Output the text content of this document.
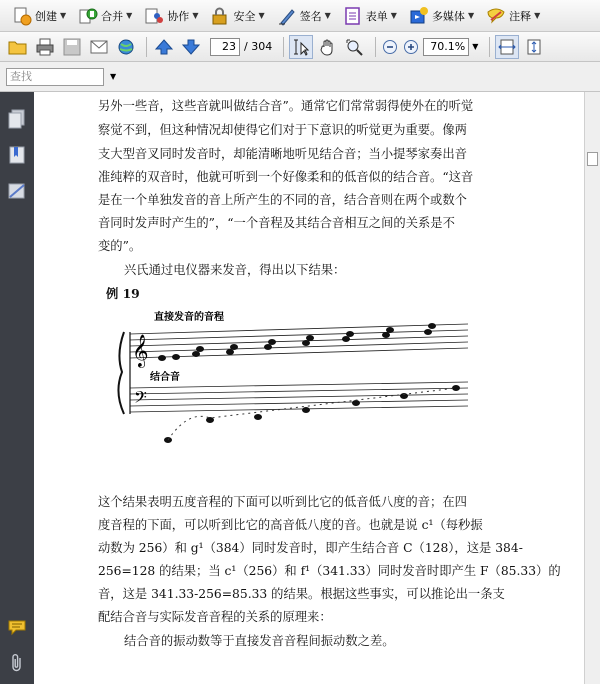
创建 ▼	合并 ▼	协作 ▼	安全 ▼	签名 ▼	表单 ▼	多媒体 ▼	注释 ▼
23 / 304	70.1% ▼
查找	▼
另外一些音，这些音就叫做结合音”。通常它们常常弱得使外在的听觉
察觉不到，但这种情况却使得它们对于下意识的听觉更为重要。像两
支大型音叉同时发音时，却能清晰地听见结合音；当小提琴家奏出音
准纯粹的双音时，他就可听到一个好像柔和的低音似的结合音。“这音
是在一个单独发音的音上所产生的不同的音，结合音则在两个或数个
音同时发声时产生的”，“一个音程及其结合音相互之间的关系是不
变的”。
兴氏通过电仪器来发音，得出以下结果：
例 19
𝄞
𝄢
直接发音的音程
结合音
这个结果表明五度音程的下面可以听到比它的低音低八度的音；在四
度音程的下面，可以听到比它的高音低八度的音。也就是说 c¹（每秒振
动数为 256）和 g¹（384）同时发音时，即产生结合音 C（128），这是 384-
256=128 的结果；当 c¹（256）和 f¹（341.33）同时发音时即产生 F（85.33）的
音，这是 341.33-256=85.33 的结果。根据这些事实，可以推论出一条支
配结合音与实际发音音程的关系的原理来：
结合音的振动数等于直接发音音程间振动数之差。
